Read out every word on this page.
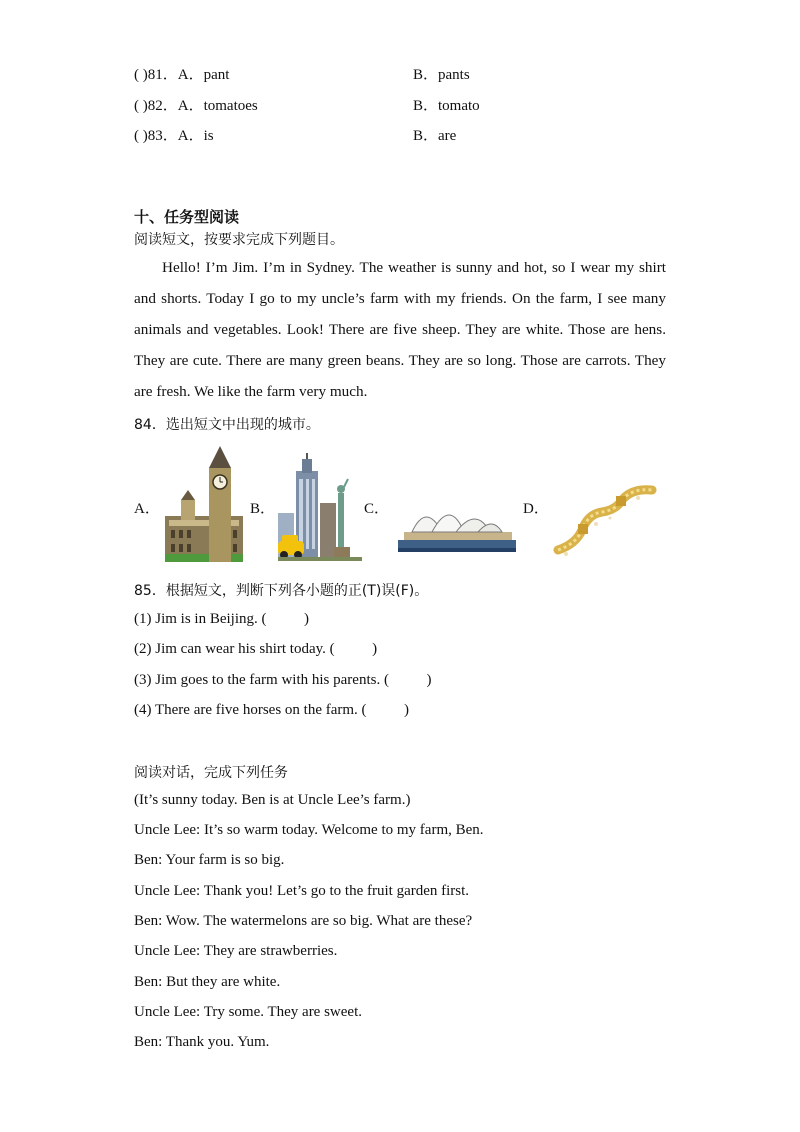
( )81．A．pant	B．pants
( )82．A．tomatoes	B．tomato
( )83．A．is	B．are
十、任务型阅读
阅读短文，按要求完成下列题目。
Hello! I’m Jim. I’m in Sydney. The weather is sunny and hot, so I wear my shirt and shorts. Today I go to my uncle’s farm with my friends. On the farm, I see many animals and vegetables. Look! There are five sheep. They are white. Those are hens. They are cute. There are many green beans. They are so long. Those are carrots. They are fresh. We like the farm very much.
84．选出短文中出现的城市。
A．	B．	C．	D．
85．根据短文，判断下列各小题的正(T)误(F)。
(1) Jim is in Beijing. (          )
(2) Jim can wear his shirt today. (          )
(3) Jim goes to the farm with his parents. (          )
(4) There are five horses on the farm. (          )
阅读对话，完成下列任务
(It’s sunny today. Ben is at Uncle Lee’s farm.)
Uncle Lee: It’s so warm today. Welcome to my farm, Ben.
Ben: Your farm is so big.
Uncle Lee: Thank you! Let’s go to the fruit garden first.
Ben: Wow. The watermelons are so big. What are these?
Uncle Lee: They are strawberries.
Ben: But they are white.
Uncle Lee: Try some. They are sweet.
Ben: Thank you. Yum.
